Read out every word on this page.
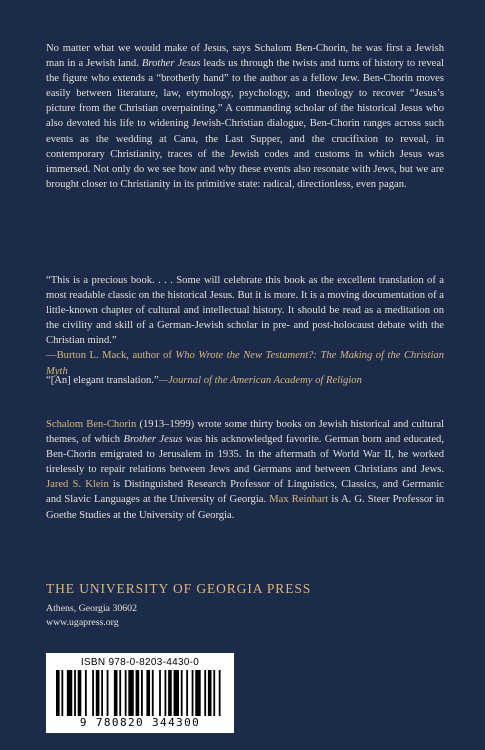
No matter what we would make of Jesus, says Schalom Ben-Chorin, he was first a Jewish man in a Jewish land. Brother Jesus leads us through the twists and turns of history to reveal the figure who extends a “brotherly hand” to the author as a fellow Jew. Ben-Chorin moves easily between literature, law, etymology, psychology, and theology to recover “Jesus’s picture from the Christian overpainting.” A commanding scholar of the historical Jesus who also devoted his life to widening Jewish-Christian dialogue, Ben-Chorin ranges across such events as the wedding at Cana, the Last Supper, and the crucifixion to reveal, in contemporary Christianity, traces of the Jewish codes and customs in which Jesus was immersed. Not only do we see how and why these events also resonate with Jews, but we are brought closer to Christianity in its primitive state: radical, directionless, even pagan.

“This is a precious book. . . . Some will celebrate this book as the excellent translation of a most readable classic on the historical Jesus. But it is more. It is a moving documentation of a little-known chapter of cultural and intellectual history. It should be read as a meditation on the civility and skill of a German-Jewish scholar in pre- and post-holocaust debate with the Christian mind.”
—Burton L. Mack, author of Who Wrote the New Testament?: The Making of the Christian Myth

“[An] elegant translation.”—Journal of the American Academy of Religion

Schalom Ben-Chorin (1913–1999) wrote some thirty books on Jewish historical and cultural themes, of which Brother Jesus was his acknowledged favorite. German born and educated, Ben-Chorin emigrated to Jerusalem in 1935. In the aftermath of World War II, he worked tirelessly to repair relations between Jews and Germans and between Christians and Jews. Jared S. Klein is Distinguished Research Professor of Linguistics, Classics, and Germanic and Slavic Languages at the University of Georgia. Max Reinhart is A. G. Steer Professor in Goethe Studies at the University of Georgia.

THE UNIVERSITY OF GEORGIA PRESS
Athens, Georgia 30602
www.ugapress.org
ISBN 978-0-8203-4430-0
9 780820 344300
